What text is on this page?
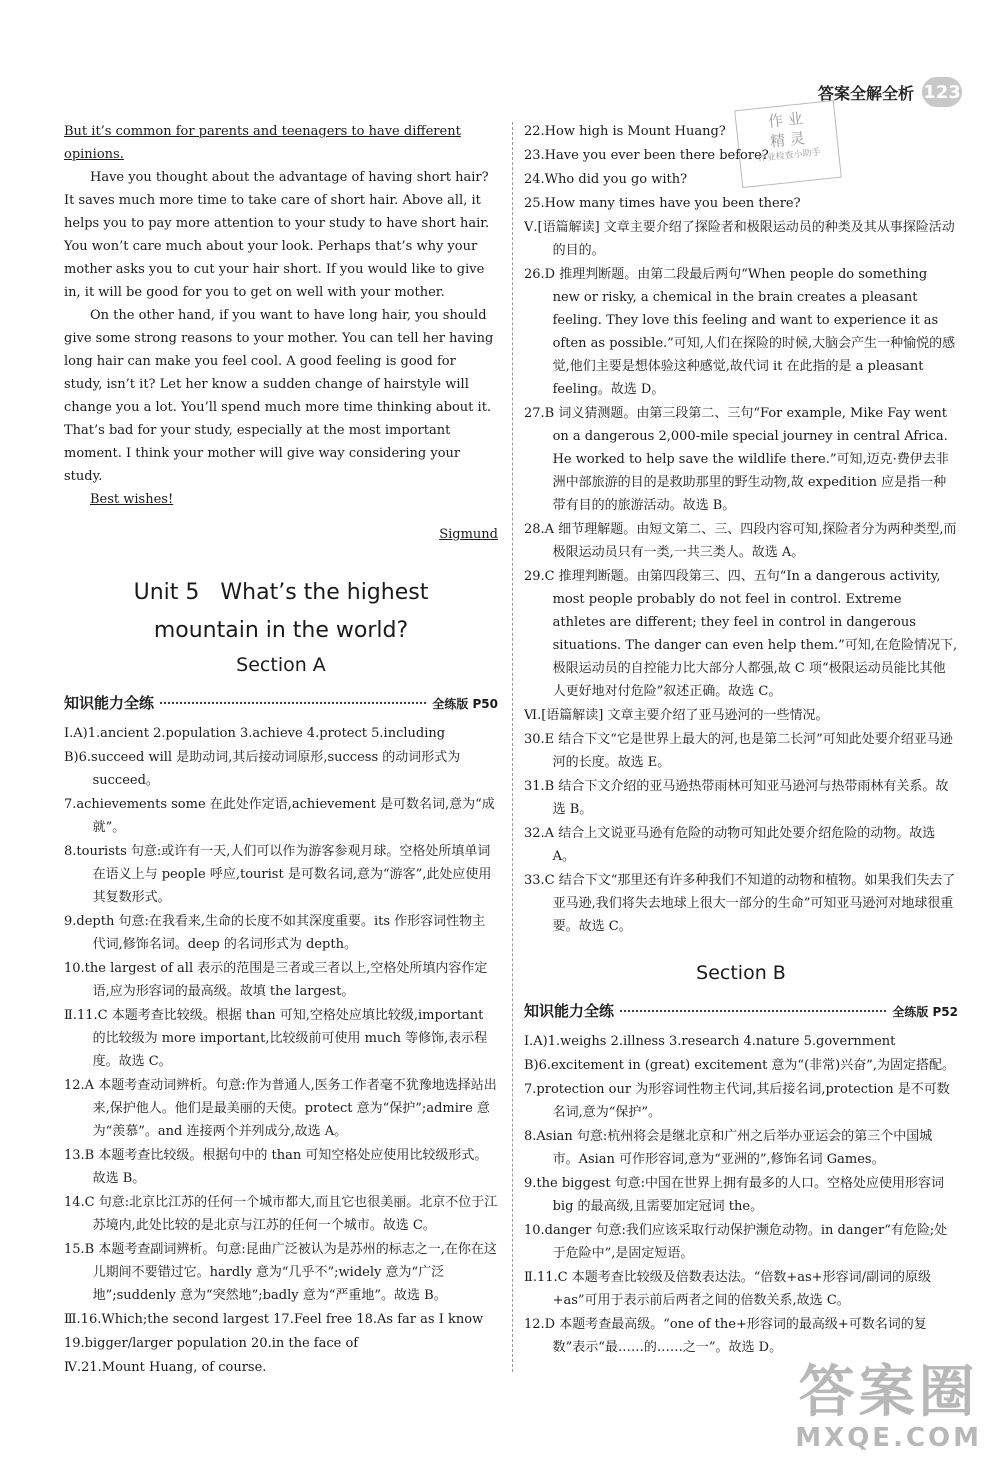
答案全解全析 123
作 业
精 灵
作业检查小助手

But it’s common for parents and teenagers to have different opinions.

Have you thought about the advantage of having short hair? It saves much more time to take care of short hair. Above all, it helps you to pay more attention to your study to have short hair. You won’t care much about your look. Perhaps that’s why your mother asks you to cut your hair short. If you would like to give in, it will be good for you to get on well with your mother.

On the other hand, if you want to have long hair, you should give some strong reasons to your mother. You can tell her having long hair can make you feel cool. A good feeling is good for study, isn’t it? Let her know a sudden change of hairstyle will change you a lot. You’ll spend much more time thinking about it. That’s bad for your study, especially at the most important moment. I think your mother will give way considering your study.

Best wishes!

Sigmund

Unit 5   What’s the highest
mountain in the world?
Section A
知识能力全练	全练版 P50

Ⅰ.A)1.ancient 2.population 3.achieve 4.protect 5.including

B)6.succeed will 是助动词,其后接动词原形,success 的动词形式为 succeed。

7.achievements some 在此处作定语,achievement 是可数名词,意为“成就”。

8.tourists 句意:或许有一天,人们可以作为游客参观月球。空格处所填单词在语义上与 people 呼应,tourist 是可数名词,意为“游客”,此处应使用其复数形式。

9.depth 句意:在我看来,生命的长度不如其深度重要。its 作形容词性物主代词,修饰名词。deep 的名词形式为 depth。

10.the largest of all 表示的范围是三者或三者以上,空格处所填内容作定语,应为形容词的最高级。故填 the largest。

Ⅱ.11.C 本题考查比较级。根据 than 可知,空格处应填比较级,important 的比较级为 more important,比较级前可使用 much 等修饰,表示程度。故选 C。

12.A 本题考查动词辨析。句意:作为普通人,医务工作者毫不犹豫地选择站出来,保护他人。他们是最美丽的天使。protect 意为“保护”;admire 意为“羡慕”。and 连接两个并列成分,故选 A。

13.B 本题考查比较级。根据句中的 than 可知空格处应使用比较级形式。故选 B。

14.C 句意:北京比江苏的任何一个城市都大,而且它也很美丽。北京不位于江苏境内,此处比较的是北京与江苏的任何一个城市。故选 C。

15.B 本题考查副词辨析。句意:昆曲广泛被认为是苏州的标志之一,在你在这儿期间不要错过它。hardly 意为“几乎不”;widely 意为“广泛地”;suddenly 意为“突然地”;badly 意为“严重地”。故选 B。

Ⅲ.16.Which;the second largest 17.Feel free 18.As far as I know

19.bigger/larger population 20.in the face of

Ⅳ.21.Mount Huang, of course.

22.How high is Mount Huang?

23.Have you ever been there before?

24.Who did you go with?

25.How many times have you been there?

Ⅴ.[语篇解读] 文章主要介绍了探险者和极限运动员的种类及其从事探险活动的目的。

26.D 推理判断题。由第二段最后两句“When people do something new or risky, a chemical in the brain creates a pleasant feeling. They love this feeling and want to experience it as often as possible.”可知,人们在探险的时候,大脑会产生一种愉悦的感觉,他们主要是想体验这种感觉,故代词 it 在此指的是 a pleasant feeling。故选 D。

27.B 词义猜测题。由第三段第二、三句“For example, Mike Fay went on a dangerous 2,000-mile special journey in central Africa. He worked to help save the wildlife there.”可知,迈克·费伊去非洲中部旅游的目的是救助那里的野生动物,故 expedition 应是指一种带有目的的旅游活动。故选 B。

28.A 细节理解题。由短文第二、三、四段内容可知,探险者分为两种类型,而极限运动员只有一类,一共三类人。故选 A。

29.C 推理判断题。由第四段第三、四、五句“In a dangerous activity, most people probably do not feel in control. Extreme athletes are different; they feel in control in dangerous situations. The danger can even help them.”可知,在危险情况下,极限运动员的自控能力比大部分人都强,故 C 项“极限运动员能比其他人更好地对付危险”叙述正确。故选 C。

Ⅵ.[语篇解读] 文章主要介绍了亚马逊河的一些情况。

30.E 结合下文“它是世界上最大的河,也是第二长河”可知此处要介绍亚马逊河的长度。故选 E。

31.B 结合下文介绍的亚马逊热带雨林可知亚马逊河与热带雨林有关系。故选 B。

32.A 结合上文说亚马逊有危险的动物可知此处要介绍危险的动物。故选 A。

33.C 结合下文“那里还有许多种我们不知道的动物和植物。如果我们失去了亚马逊,我们将失去地球上很大一部分的生命”可知亚马逊河对地球很重要。故选 C。

Section B
知识能力全练	全练版 P52

Ⅰ.A)1.weighs 2.illness 3.research 4.nature 5.government

B)6.excitement in (great) excitement 意为“(非常)兴奋”,为固定搭配。

7.protection our 为形容词性物主代词,其后接名词,protection 是不可数名词,意为“保护”。

8.Asian 句意:杭州将会是继北京和广州之后举办亚运会的第三个中国城市。Asian 可作形容词,意为“亚洲的”,修饰名词 Games。

9.the biggest 句意:中国在世界上拥有最多的人口。空格处应使用形容词 big 的最高级,且需要加定冠词 the。

10.danger 句意:我们应该采取行动保护濒危动物。in danger“有危险;处于危险中”,是固定短语。

Ⅱ.11.C 本题考查比较级及倍数表达法。“倍数+as+形容词/副词的原级+as”可用于表示前后两者之间的倍数关系,故选 C。

12.D 本题考查最高级。“one of the+形容词的最高级+可数名词的复数”表示“最……的……之一”。故选 D。

答案圈
MXQE.COM
